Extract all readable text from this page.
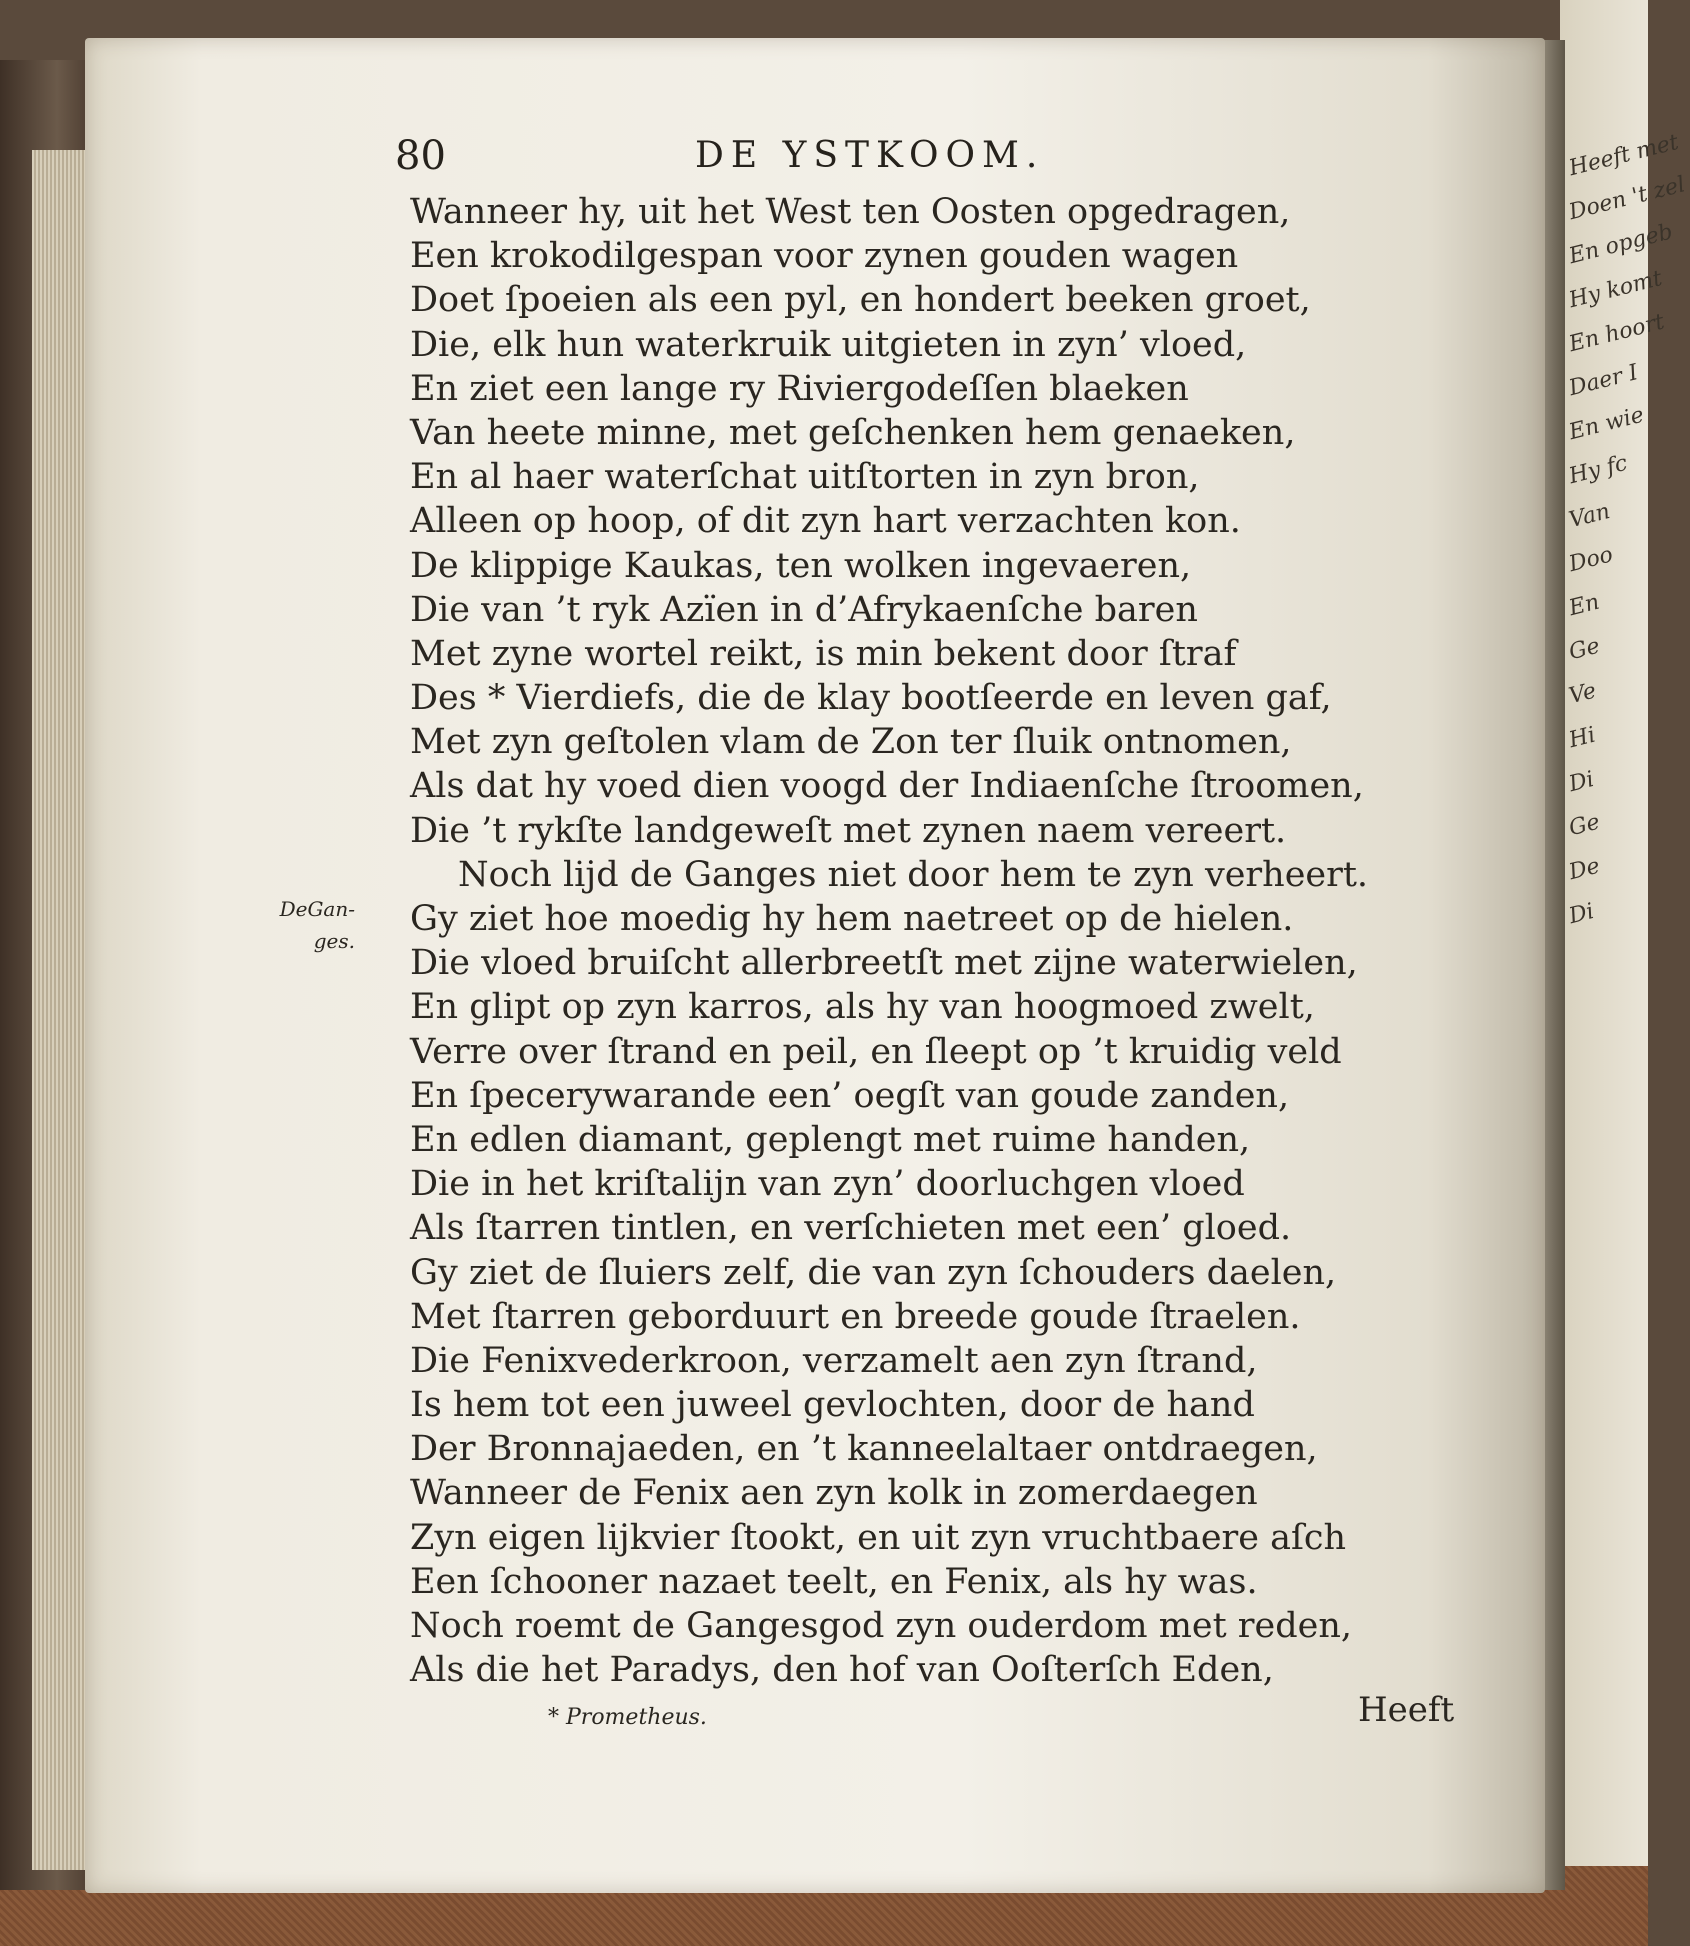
Heeft met
Doen 't zel
En opgeb
Hy komt
En hoort
Daer I
En wie
Hy fc
Van
Doo
En
Ge
Ve
Hi
Di
Ge
De
Di
80	DE YSTKOOM.
Wanneer hy, uit het West ten Oosten opgedragen,
Een krokodilgespan voor zynen gouden wagen
Doet ſpoeien als een pyl, en hondert beeken groet,
Die, elk hun waterkruik uitgieten in zyn’ vloed,
En ziet een lange ry Riviergodeſſen blaeken
Van heete minne, met geſchenken hem genaeken,
En al haer waterſchat uitſtorten in zyn bron,
Alleen op hoop, of dit zyn hart verzachten kon.
De klippige Kaukas, ten wolken ingevaeren,
Die van ’t ryk Azïen in d’Afrykaenſche baren
Met zyne wortel reikt, is min bekent door ſtraf
Des * Vierdiefs, die de klay bootſeerde en leven gaf,
Met zyn geſtolen vlam de Zon ter ſluik ontnomen,
Als dat hy voed dien voogd der Indiaenſche ſtroomen,
Die ’t rykſte landgeweſt met zynen naem vereert.
Noch lijd de Ganges niet door hem te zyn verheert.
Gy ziet hoe moedig hy hem naetreet op de hielen.
Die vloed bruiſcht allerbreetſt met zijne waterwielen,
En glipt op zyn karros, als hy van hoogmoed zwelt,
Verre over ſtrand en peil, en ſleept op ’t kruidig veld
En ſpecerywarande een’ oegſt van goude zanden,
En edlen diamant, geplengt met ruime handen,
Die in het kriſtalijn van zyn’ doorluchgen vloed
Als ſtarren tintlen, en verſchieten met een’ gloed.
Gy ziet de ſluiers zelf, die van zyn ſchouders daelen,
Met ſtarren geborduurt en breede goude ſtraelen.
Die Fenixvederkroon, verzamelt aen zyn ſtrand,
Is hem tot een juweel gevlochten, door de hand
Der Bronnajaeden, en ’t kanneelaltaer ontdraegen,
Wanneer de Fenix aen zyn kolk in zomerdaegen
Zyn eigen lijkvier ſtookt, en uit zyn vruchtbaere aſch
Een ſchooner nazaet teelt, en Fenix, als hy was.
Noch roemt de Gangesgod zyn ouderdom met reden,
Als die het Paradys, den hof van Ooſterſch Eden,
DeGan-
ges.
* Prometheus.	Heeft
